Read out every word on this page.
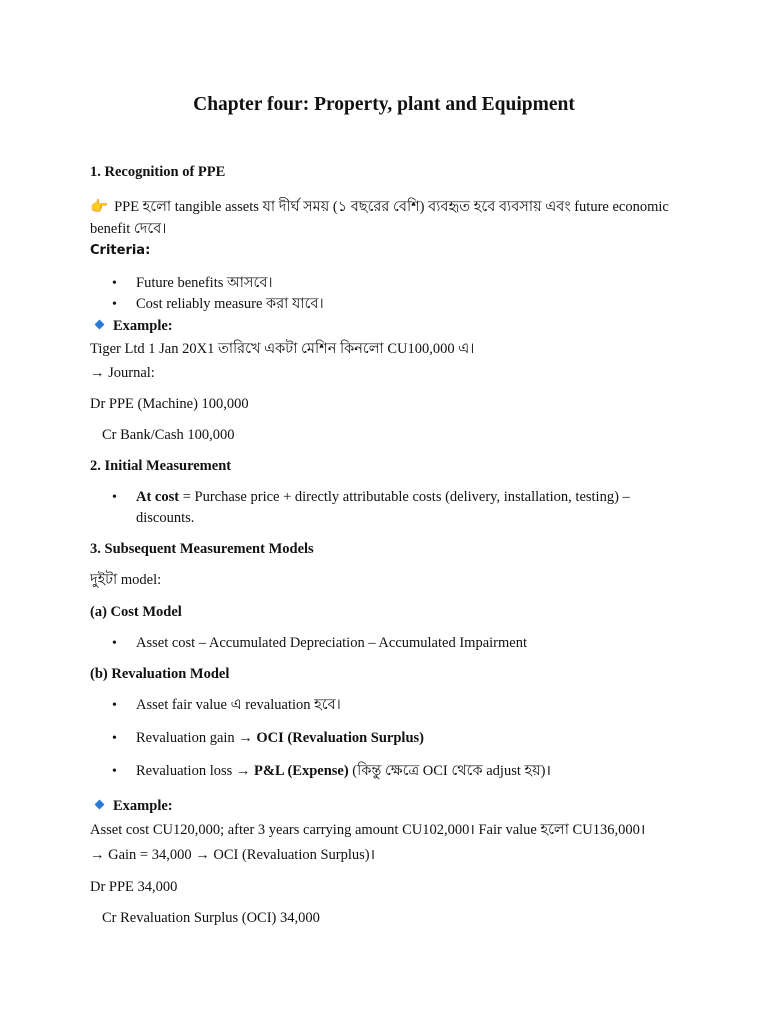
Chapter four: Property, plant and Equipment
1. Recognition of PPE
👉 PPE হলো tangible assets যা দীর্ঘ সময় (১ বছরের বেশি) ব্যবহৃত হবে ব্যবসায় এবং future economic
benefit দেবে।
Criteria:
•	Future benefits আসবে।
•	Cost reliably measure করা যাবে।
Example:
Tiger Ltd 1 Jan 20X1 তারিখে একটা মেশিন কিনলো CU100,000 এ।
→ Journal:
Dr PPE (Machine) 100,000
Cr Bank/Cash 100,000
2. Initial Measurement
•	At cost = Purchase price + directly attributable costs (delivery, installation, testing) –
discounts.
3. Subsequent Measurement Models
দুইটা model:
(a) Cost Model
•	Asset cost – Accumulated Depreciation – Accumulated Impairment
(b) Revaluation Model
•	Asset fair value এ revaluation হবে।
•	Revaluation gain → OCI (Revaluation Surplus)
•	Revaluation loss → P&L (Expense) (কিন্তু ক্ষেত্রে OCI থেকে adjust হয়)।
Example:
Asset cost CU120,000; after 3 years carrying amount CU102,000। Fair value হলো CU136,000।
→ Gain = 34,000 → OCI (Revaluation Surplus)।
Dr PPE 34,000
Cr Revaluation Surplus (OCI) 34,000
